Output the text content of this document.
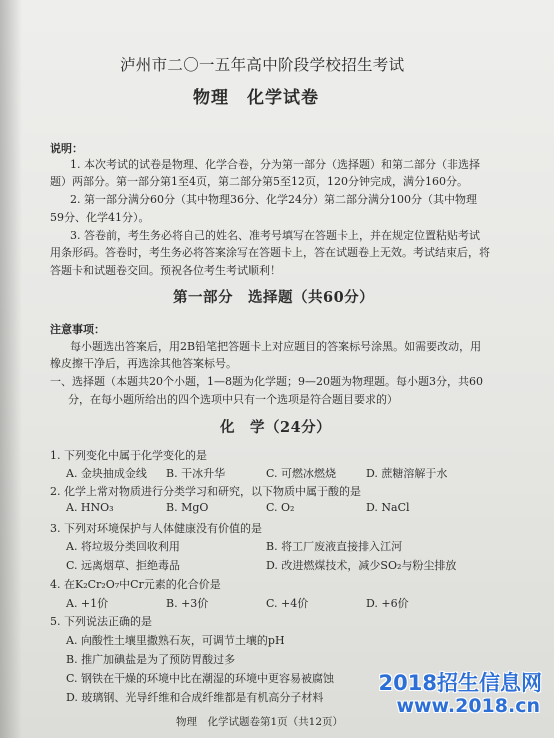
泸州市二〇一五年高中阶段学校招生考试
物理　化学试卷
说明：
1. 本次考试的试卷是物理、化学合卷，分为第一部分（选择题）和第二部分（非选择
题）两部分。第一部分第1至4页，第二部分第5至12页，120分钟完成，满分160分。
2. 第一部分满分60分（其中物理36分、化学24分）第二部分满分100分（其中物理
59分、化学41分）。
3. 答卷前，考生务必将自己的姓名、准考号填写在答题卡上，并在规定位置粘贴考试
用条形码。答卷时，考生务必将答案涂写在答题卡上，答在试题卷上无效。考试结束后，将
答题卡和试题卷交回。预祝各位考生考试顺利！
第一部分　选择题（共60分）
注意事项：
每小题选出答案后，用2B铅笔把答题卡上对应题目的答案标号涂黑。如需要改动，用
橡皮擦干净后，再选涂其他答案标号。
一、选择题（本题共20个小题，1—8题为化学题；9—20题为物理题。每小题3分，共60
分，在每小题所给出的四个选项中只有一个选项是符合题目要求的）
化　学（24分）
1. 下列变化中属于化学变化的是
A. 金块抽成金线 B. 干冰升华	C. 可燃冰燃烧	D. 蔗糖溶解于水
2. 化学上常对物质进行分类学习和研究，以下物质中属于酸的是
A. HNO₃	B. MgO	C. O₂	D. NaCl
3. 下列对环境保护与人体健康没有价值的是
A. 将垃圾分类回收利用	B. 将工厂废液直接排入江河
C. 远离烟草、拒绝毒品	D. 改进燃煤技术，减少SO₂与粉尘排放
4. 在K₂Cr₂O₇中Cr元素的化合价是
A. +1价	B. +3价	C. +4价	D. +6价
5. 下列说法正确的是
A. 向酸性土壤里撒熟石灰，可调节土壤的pH
B. 推广加碘盐是为了预防胃酸过多
C. 钢铁在干燥的环境中比在潮湿的环境中更容易被腐蚀
D. 玻璃钢、光导纤维和合成纤维都是有机高分子材料
物理　化学试题卷第1页（共12页）
2018招生信息网
www.2018.cn
